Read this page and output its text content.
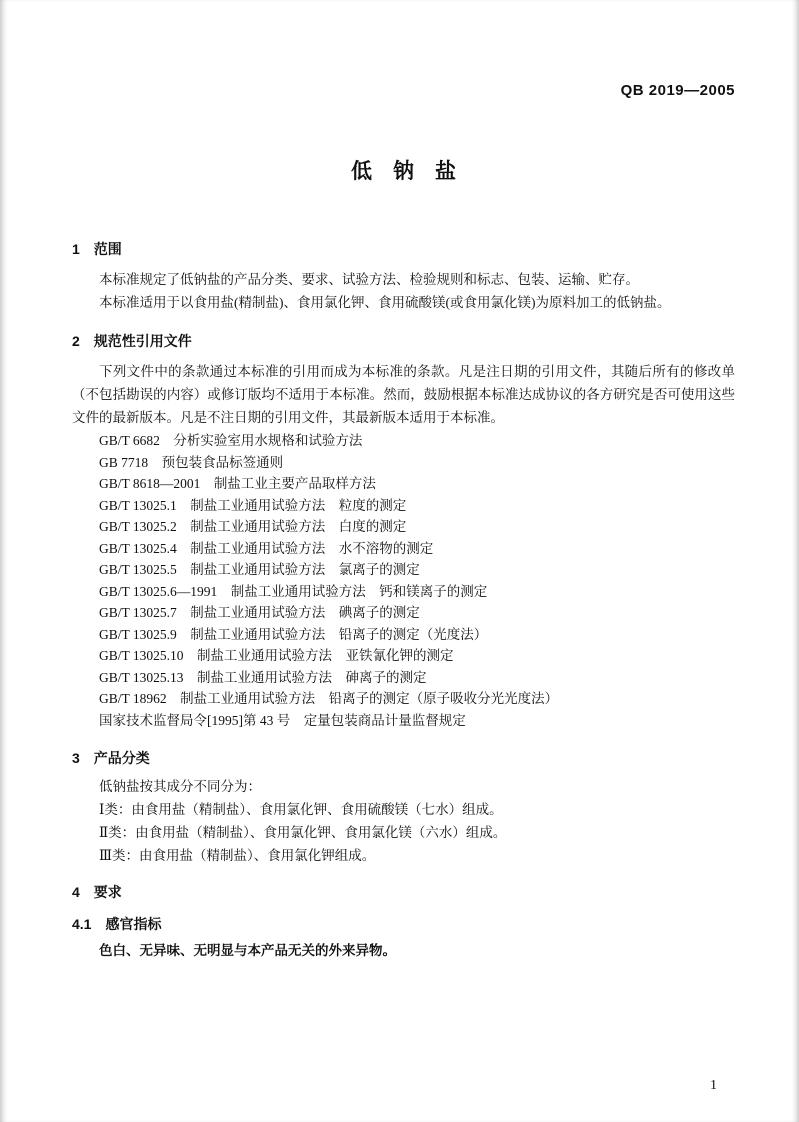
QB 2019—2005
低　钠　盐
1　范围
本标准规定了低钠盐的产品分类、要求、试验方法、检验规则和标志、包装、运输、贮存。
本标准适用于以食用盐(精制盐)、食用氯化钾、食用硫酸镁(或食用氯化镁)为原料加工的低钠盐。
2　规范性引用文件
下列文件中的条款通过本标准的引用而成为本标准的条款。凡是注日期的引用文件，其随后所有的修改单（不包括勘误的内容）或修订版均不适用于本标准。然而，鼓励根据本标准达成协议的各方研究是否可使用这些文件的最新版本。凡是不注日期的引用文件，其最新版本适用于本标准。
GB/T 6682　分析实验室用水规格和试验方法
GB 7718　预包装食品标签通则
GB/T 8618—2001　制盐工业主要产品取样方法
GB/T 13025.1　制盐工业通用试验方法　粒度的测定
GB/T 13025.2　制盐工业通用试验方法　白度的测定
GB/T 13025.4　制盐工业通用试验方法　水不溶物的测定
GB/T 13025.5　制盐工业通用试验方法　氯离子的测定
GB/T 13025.6—1991　制盐工业通用试验方法　钙和镁离子的测定
GB/T 13025.7　制盐工业通用试验方法　碘离子的测定
GB/T 13025.9　制盐工业通用试验方法　铅离子的测定（光度法）
GB/T 13025.10　制盐工业通用试验方法　亚铁氰化钾的测定
GB/T 13025.13　制盐工业通用试验方法　砷离子的测定
GB/T 18962　制盐工业通用试验方法　铅离子的测定（原子吸收分光光度法）
国家技术监督局令[1995]第 43 号　定量包装商品计量监督规定
3　产品分类
低钠盐按其成分不同分为：
Ⅰ类：由食用盐（精制盐）、食用氯化钾、食用硫酸镁（七水）组成。
Ⅱ类：由食用盐（精制盐）、食用氯化钾、食用氯化镁（六水）组成。
Ⅲ类：由食用盐（精制盐）、食用氯化钾组成。
4　要求
4.1　感官指标
色白、无异味、无明显与本产品无关的外来异物。
1
